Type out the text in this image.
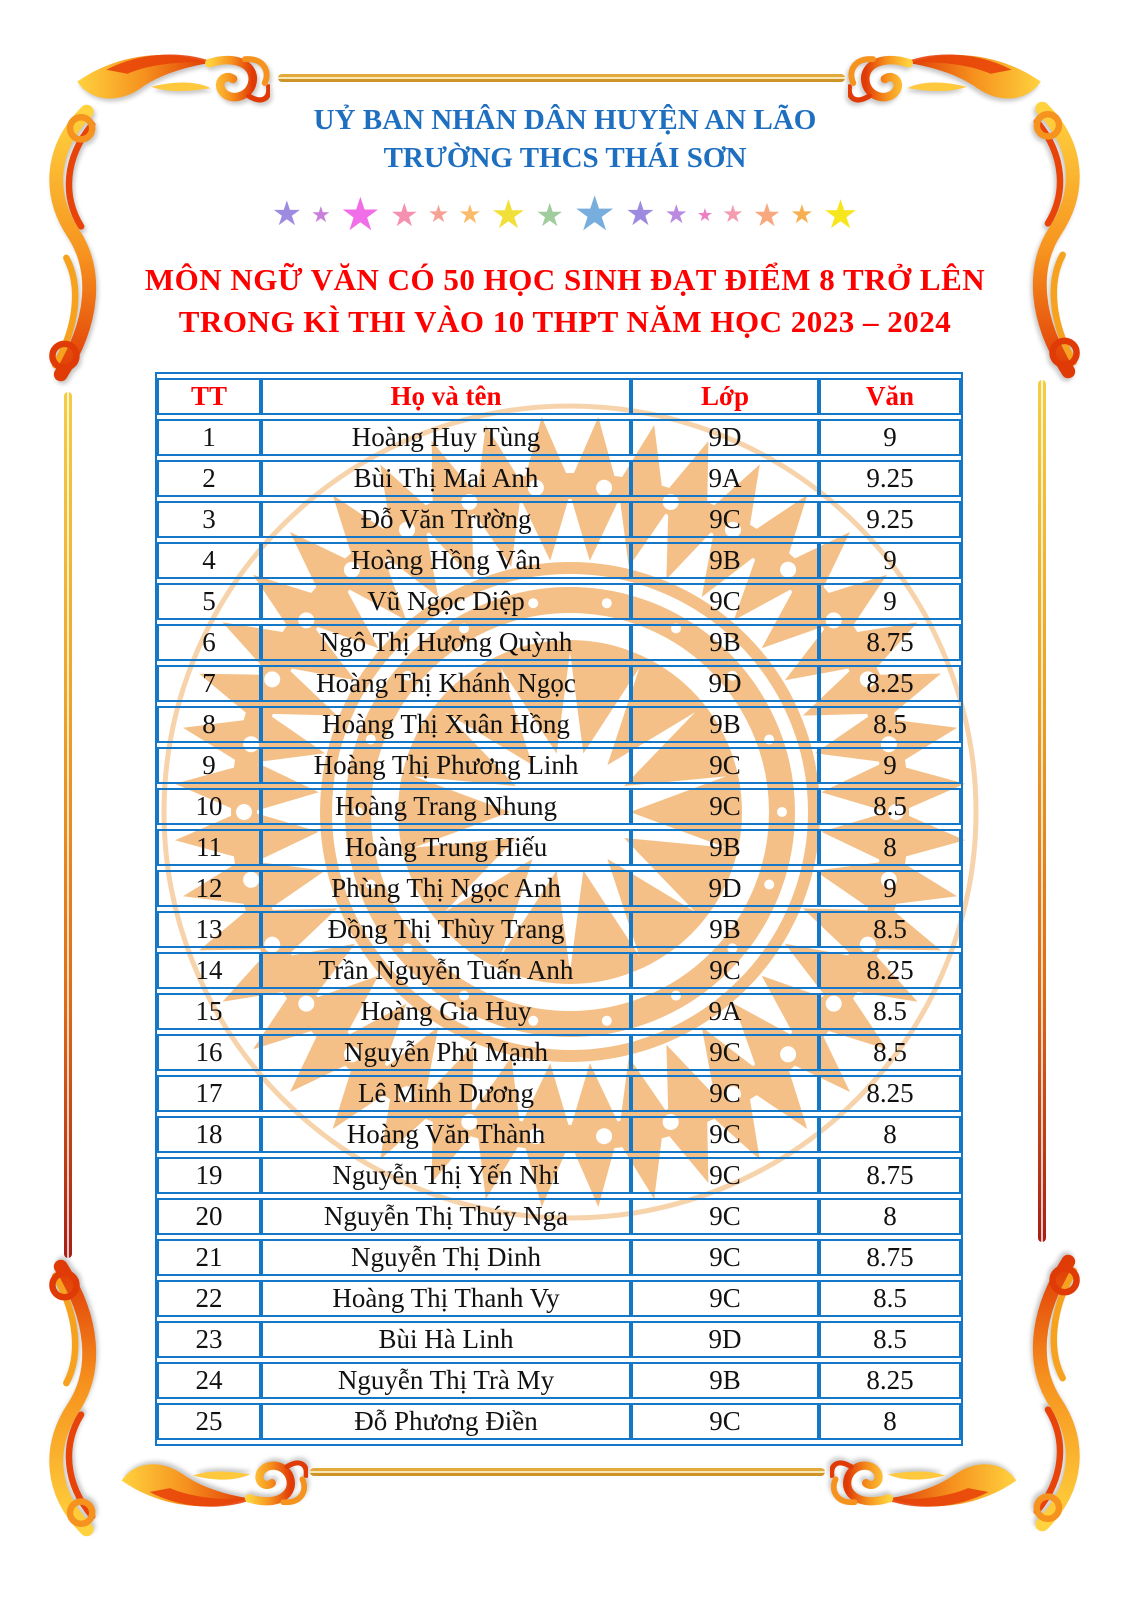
UỶ BAN NHÂN DÂN HUYỆN AN LÃO
TRƯỜNG THCS THÁI SƠN
★ ★ ★ ★ ★ ★ ★ ★ ★ ★ ★ ★ ★ ★ ★ ★
MÔN NGỮ VĂN CÓ 50 HỌC SINH ĐẠT ĐIỂM 8 TRỞ LÊN
TRONG KÌ THI VÀO 10 THPT NĂM HỌC 2023 – 2024
TT	Họ và tên	Lớp	Văn
1	Hoàng Huy Tùng	9D	9
2	Bùi Thị Mai Anh	9A	9.25
3	Đỗ Văn Trường	9C	9.25
4	Hoàng Hồng Vân	9B	9
5	Vũ Ngọc Diệp	9C	9
6	Ngô Thị Hương Quỳnh	9B	8.75
7	Hoàng Thị Khánh Ngọc	9D	8.25
8	Hoàng Thị Xuân Hồng	9B	8.5
9	Hoàng Thị Phương Linh	9C	9
10	Hoàng Trang Nhung	9C	8.5
11	Hoàng Trung Hiếu	9B	8
12	Phùng Thị Ngọc Anh	9D	9
13	Đồng Thị Thùy Trang	9B	8.5
14	Trần Nguyễn Tuấn Anh	9C	8.25
15	Hoàng Gia Huy	9A	8.5
16	Nguyễn Phú Mạnh	9C	8.5
17	Lê Minh Dương	9C	8.25
18	Hoàng Văn Thành	9C	8
19	Nguyễn Thị Yến Nhi	9C	8.75
20	Nguyễn Thị Thúy Nga	9C	8
21	Nguyễn Thị Dinh	9C	8.75
22	Hoàng Thị Thanh Vy	9C	8.5
23	Bùi Hà Linh	9D	8.5
24	Nguyễn Thị Trà My	9B	8.25
25	Đỗ Phương Điền	9C	8
